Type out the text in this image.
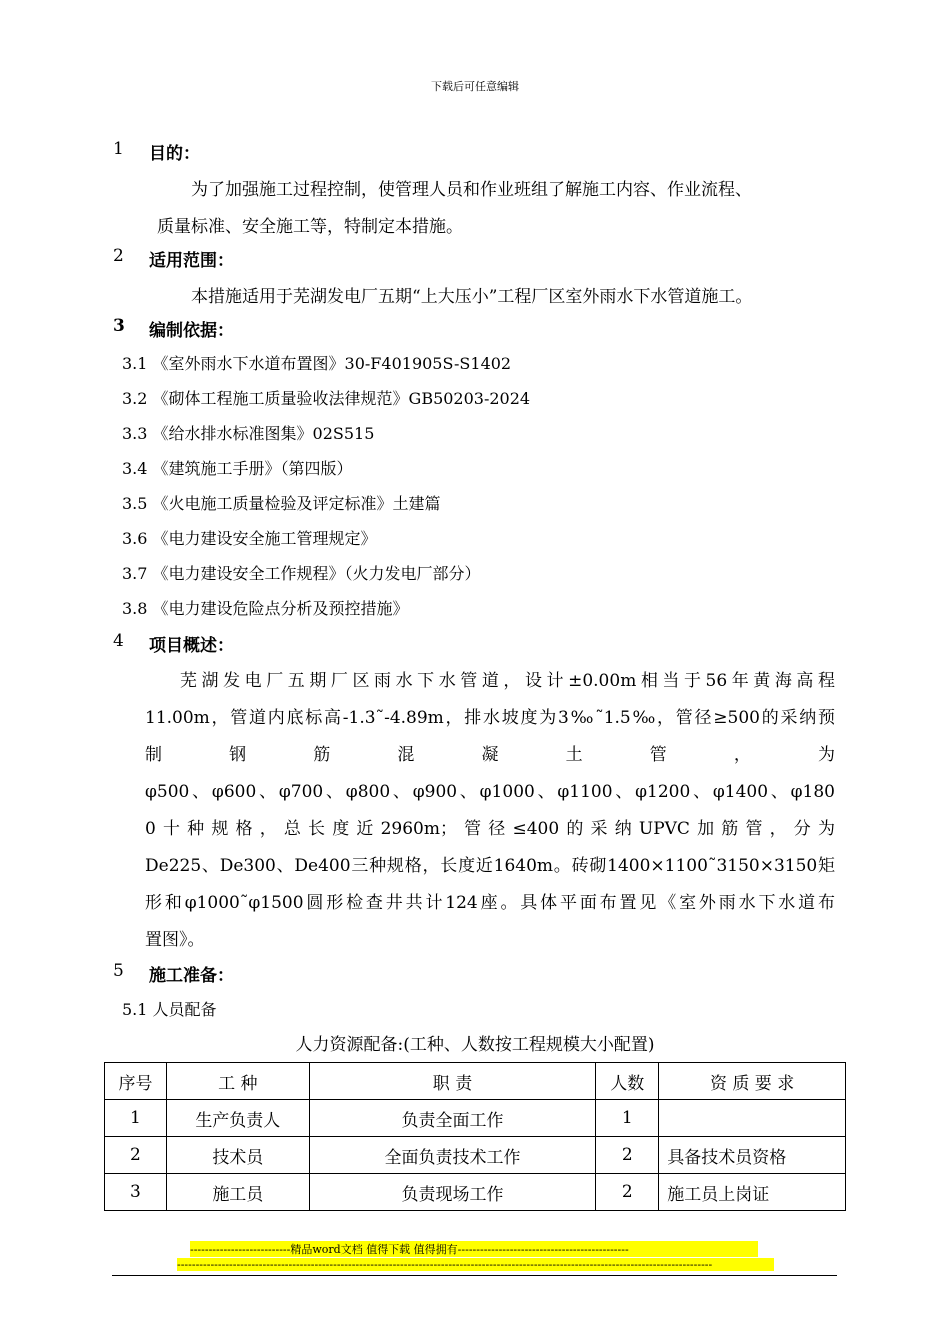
下载后可任意编辑
1 目的：
为了加强施工过程控制，使管理人员和作业班组了解施工内容、作业流程、
质量标准、安全施工等，特制定本措施。
2 适用范围：
本措施适用于芜湖发电厂五期“上大压小”工程厂区室外雨水下水管道施工。
3 编制依据：
3.1 《室外雨水下水道布置图》30-F401905S-S1402
3.2 《砌体工程施工质量验收法律规范》GB50203-2024
3.3 《给水排水标准图集》02S515
3.4 《建筑施工手册》（第四版）
3.5 《火电施工质量检验及评定标准》土建篇
3.6 《电力建设安全施工管理规定》
3.7 《电力建设安全工作规程》（火力发电厂部分）
3.8 《电力建设危险点分析及预控措施》
4 项目概述：
芜湖发电厂五期厂区雨水下水管道，设计±0.00m相当于56年黄海高程
11.00m，管道内底标高-1.3˜-4.89m，排水坡度为3‰˜1.5‰，管径≥500的采纳预
制钢筋混凝土管，为
φ500、φ600、φ700、φ800、φ900、φ1000、φ1100、φ1200、φ1400、φ180
0十种规格，总长度近2960m；管径≤400的采纳UPVC加筋管，分为
De225、De300、De400三种规格，长度近1640m。砖砌1400×1100˜3150×3150矩
形和φ1000˜φ1500圆形检查井共计124座。具体平面布置见《室外雨水下水道布
置图》。
5 施工准备：
5.1 人员配备
人力资源配备:(工种、人数按工程规模大小配置)
序号	工 种	职 责	人数	资 质 要 求
1	生产负责人	负责全面工作	1	
2	技术员	全面负责技术工作	2	具备技术员资格
3	施工员	负责现场工作	2	施工员上岗证
---------------------------精品word文档 值得下载 值得拥有----------------------------------------------
------------------------------------------------------------------------------------------------------------------------------------------------
